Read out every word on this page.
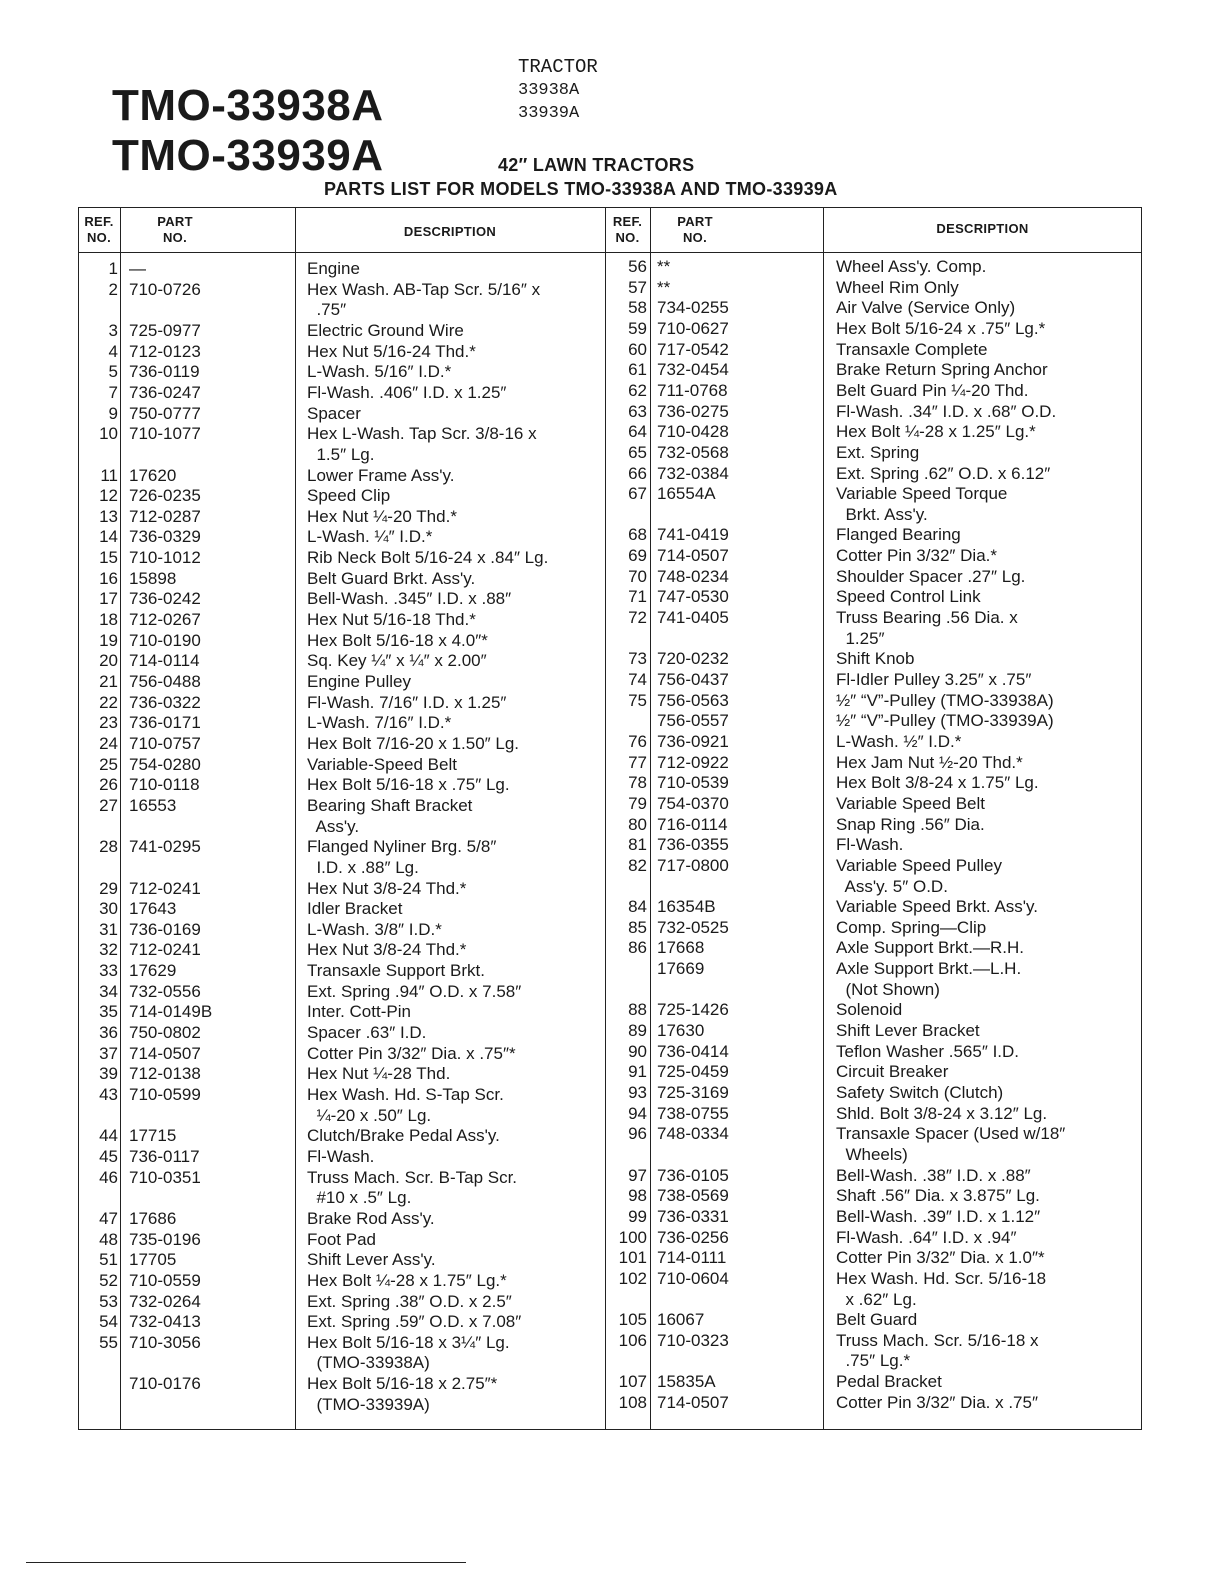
TMO-33938A
TMO-33939A
TRACTOR
33938A
33939A
42″ LAWN TRACTORS
PARTS LIST FOR MODELS TMO-33938A AND TMO-33939A
REF.
NO.
PART
NO.	DESCRIPTION
REF.
NO.
PART
NO.
DESCRIPTION
1 —	Engine
2 710-0726	Hex Wash. AB-Tap Scr. 5/16″ x
.75″
3 725-0977	Electric Ground Wire
4 712-0123	Hex Nut 5/16-24 Thd.*
5 736-0119	L-Wash. 5/16″ I.D.*
7 736-0247	Fl-Wash. .406″ I.D. x 1.25″
9 750-0777	Spacer
10 710-1077	Hex L-Wash. Tap Scr. 3/8-16 x
1.5″ Lg.
11 17620	Lower Frame Ass'y.
12 726-0235	Speed Clip
13 712-0287	Hex Nut ¼-20 Thd.*
14 736-0329	L-Wash. ¼″ I.D.*
15 710-1012	Rib Neck Bolt 5/16-24 x .84″ Lg.
16 15898	Belt Guard Brkt. Ass'y.
17 736-0242	Bell-Wash. .345″ I.D. x .88″
18 712-0267	Hex Nut 5/16-18 Thd.*
19 710-0190	Hex Bolt 5/16-18 x 4.0″*
20 714-0114	Sq. Key ¼″ x ¼″ x 2.00″
21 756-0488	Engine Pulley
22 736-0322	Fl-Wash. 7/16″ I.D. x 1.25″
23 736-0171	L-Wash. 7/16″ I.D.*
24 710-0757	Hex Bolt 7/16-20 x 1.50″ Lg.
25 754-0280	Variable-Speed Belt
26 710-0118	Hex Bolt 5/16-18 x .75″ Lg.
27 16553	Bearing Shaft Bracket
Ass'y.
28 741-0295	Flanged Nyliner Brg. 5/8″
I.D. x .88″ Lg.
29 712-0241	Hex Nut 3/8-24 Thd.*
30 17643	Idler Bracket
31 736-0169	L-Wash. 3/8″ I.D.*
32 712-0241	Hex Nut 3/8-24 Thd.*
33 17629	Transaxle Support Brkt.
34 732-0556	Ext. Spring .94″ O.D. x 7.58″
35 714-0149B	Inter. Cott-Pin
36 750-0802	Spacer .63″ I.D.
37 714-0507	Cotter Pin 3/32″ Dia. x .75″*
39 712-0138	Hex Nut ¼-28 Thd.
43 710-0599	Hex Wash. Hd. S-Tap Scr.
¼-20 x .50″ Lg.
44 17715	Clutch/Brake Pedal Ass'y.
45 736-0117	Fl-Wash.
46 710-0351	Truss Mach. Scr. B-Tap Scr.
#10 x .5″ Lg.
47 17686	Brake Rod Ass'y.
48 735-0196	Foot Pad
51 17705	Shift Lever Ass'y.
52 710-0559	Hex Bolt ¼-28 x 1.75″ Lg.*
53 732-0264	Ext. Spring .38″ O.D. x 2.5″
54 732-0413	Ext. Spring .59″ O.D. x 7.08″
55 710-3056	Hex Bolt 5/16-18 x 3¼″ Lg.
(TMO-33938A)
710-0176	Hex Bolt 5/16-18 x 2.75″*
(TMO-33939A)
56 **	Wheel Ass'y. Comp.
57 **	Wheel Rim Only
58 734-0255	Air Valve (Service Only)
59 710-0627	Hex Bolt 5/16-24 x .75″ Lg.*
60 717-0542	Transaxle Complete
61 732-0454	Brake Return Spring Anchor
62 711-0768	Belt Guard Pin ¼-20 Thd.
63 736-0275	Fl-Wash. .34″ I.D. x .68″ O.D.
64 710-0428	Hex Bolt ¼-28 x 1.25″ Lg.*
65 732-0568	Ext. Spring
66 732-0384	Ext. Spring .62″ O.D. x 6.12″
67 16554A	Variable Speed Torque
Brkt. Ass'y.
68 741-0419	Flanged Bearing
69 714-0507	Cotter Pin 3/32″ Dia.*
70 748-0234	Shoulder Spacer .27″ Lg.
71 747-0530	Speed Control Link
72 741-0405	Truss Bearing .56 Dia. x
1.25″
73 720-0232	Shift Knob
74 756-0437	Fl-Idler Pulley 3.25″ x .75″
75 756-0563	½″ “V”-Pulley (TMO-33938A)
756-0557	½″ “V”-Pulley (TMO-33939A)
76 736-0921	L-Wash. ½″ I.D.*
77 712-0922	Hex Jam Nut ½-20 Thd.*
78 710-0539	Hex Bolt 3/8-24 x 1.75″ Lg.
79 754-0370	Variable Speed Belt
80 716-0114	Snap Ring .56″ Dia.
81 736-0355	Fl-Wash.
82 717-0800	Variable Speed Pulley
Ass'y. 5″ O.D.
84 16354B	Variable Speed Brkt. Ass'y.
85 732-0525	Comp. Spring—Clip
86 17668	Axle Support Brkt.—R.H.
17669	Axle Support Brkt.—L.H.
(Not Shown)
88 725-1426	Solenoid
89 17630	Shift Lever Bracket
90 736-0414	Teflon Washer .565″ I.D.
91 725-0459	Circuit Breaker
93 725-3169	Safety Switch (Clutch)
94 738-0755	Shld. Bolt 3/8-24 x 3.12″ Lg.
96 748-0334	Transaxle Spacer (Used w/18″
Wheels)
97 736-0105	Bell-Wash. .38″ I.D. x .88″
98 738-0569	Shaft .56″ Dia. x 3.875″ Lg.
99 736-0331	Bell-Wash. .39″ I.D. x 1.12″
100 736-0256	Fl-Wash. .64″ I.D. x .94″
101 714-0111	Cotter Pin 3/32″ Dia. x 1.0″*
102 710-0604	Hex Wash. Hd. Scr. 5/16-18
x .62″ Lg.
105 16067	Belt Guard
106 710-0323	Truss Mach. Scr. 5/16-18 x
.75″ Lg.*
107 15835A	Pedal Bracket
108 714-0507	Cotter Pin 3/32″ Dia. x .75″
